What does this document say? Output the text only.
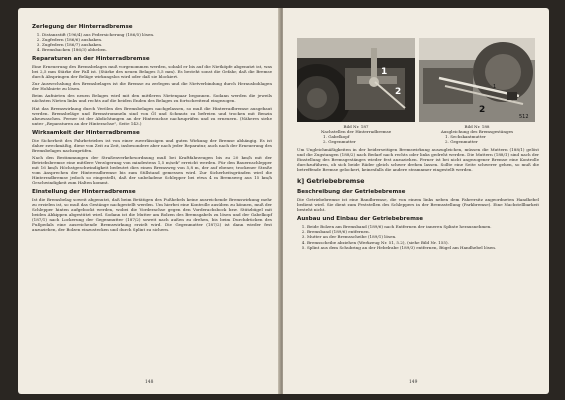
Zerlegung der Hinterradbremse
1. Distanzstift (196/4) aus Federsicherung (186/5) lösen.
2. Zugfedern (186/6) aushaken.
3. Zugfedern (186/7) aushaken.
4. Bremsbacken (186/3) abheben.
Reparaturen an der Hinterradbremse

Eine Erneuerung des Bremsbelages muß vorgenommen werden, sobald er bis auf die Nietköpfe abgenutzt ist, was bei 2,5 mm Stärke der Fall ist. (Stärke des neuen Belages 5,5 mm). Es besteht sonst die Gefahr, daß die Bremse durch Abspringen der Beläge wirkungslos wird oder daß sie blockiert.

Zur Auswechslung des Bremsbelages ist die Bremse zu zerlegen und die Nietverbindung durch Herausbohlagen der Hohlniete zu lösen.

Beim Aufnieten des neuen Belages wird mit den mittleren Nietenpaar begonnen. Sodann werden die jeweils nächsten Nieten links und rechts auf die beiden Enden des Belages zu fortschreitend eingezogen.

Hat das Bremswirkung durch Verölen des Bremsbelages nachgelassen, so muß die Hinterradbremse ausgebaut werden. Bremsbeläge und Bremstrommeln sind von Öl und Schmutz zu befreien und trocken mit Benzin abzuwaschen. Ferner ist der Abdichtungen an der Hinterachse nachzuprüfen und zu erneuern. (Näheres siehe unter „Reparaturen an der Hinterachse", Seite 143.)

Wirksamkeit der Hinterradbremse

Die Sicherheit des Fahrbetriebes ist von einer zuverlässigen und guten Wirkung der Bremse abhängig. Es ist daher zweckmäßig, diese von Zeit zu Zeit, insbesondere aber nach jeder Reparatur, auch nach der Erneuerung des Bremsbelages nachzuprüfen.

Nach den Bestimmungen der Straßenverkehrsordnung muß bei Kraftfahrzeugen bis zu 20 km/h mit der Betriebsbremse eine mittlere Verzögerung von mindestens 1,5 m/sek² erreicht werden. Für den Bauernschlepper mit 16 km/h Höchstgeschwindigkeit bedeutet dies einen Bremsweg von 5,8 m, der auf ebener, trockener Straße vom Ansprechen der Hinterradbremse bis zum Stillstand gemessen wird. Zur Sicherheitsgründen wird die Hinterradbremse jedoch so eingestellt, daß der unbeladene Schlepper bei etwa 4 m Bremsweg aus 15 km/h Geschwindigkeit zum Halten kommt.

Einstellung der Hinterradbremse

Ist die Bremsbelag soweit abgenutzt, daß beim Betätigen des Fußhebels keine ausreichende Bremswirkung mehr zu erzielen ist, so muß das Gestänge nachgestellt werden. Um hierbei eine Kontrolle ausüben zu können, muß der Schlepper hinten aufgebockt werden, wobei die Vorderachse gegen den Vorderachsbock bzw. Stützbügel mit beiden Abkippen abgestützt wird. Sodann ist die Mutter am Bolzen des Bremsgabels zu lösen und der Gabelkopf (187/1) nach Lockerung der Gegenmutter (187/2) soweit nach außen zu drehen, bis beim Durchdrücken des Fußpedals eine ausreichende Bremswirkung erzielt wird. Die Gegenmutter (187/2) ist dann wieder fest anzuziehen, der Bolzen einzustecken und durch Splint zu sichern.

148
1
2	1
2
512
Bild Nr. 187
Nachstellen der Hinterradbremse
1. Gabelkopf
2. Gegenmutter
Bild Nr. 188
Ausgleichung des Bremsgestänges
1. Sechskantmutter
2. Gegenmutter

Um Ungleichmäßigkeiten in der beiderseitigen Bremswirkung auszugleichen, müssen die Muttern (188/1) gelöst und die Zugstangen (188/2) nach Bedarf nach rechts oder links gedreht werden. Die Muttern (188/1) sind nach der Einstellung des Bremsgestänges wieder fest anzuziehen. Ferner ist bei nicht angezogener Bremse eine Kontrolle durchzuführen, ob sich beide Räder gleich schwer drehen lassen. Sollte eine Seite schwerer gehen, so muß die betreffende Bremse gelockert, keinesfalls die andere stramnmer eingestellt werden.

k] Getriebebremse
Beschreibung der Getriebebremse

Die Getriebebremse ist eine Bandbremse, die von einem links neben dem Fahrersitz angeordneten Handhebel bedient wird. Sie dient zum Feststellen des Schleppers in der Bremsstellung (Parkbremse). Eine Nachstellbarkeit besteht nicht.

Ausbau und Einbau der Getriebebremse
1. Beide Bolzen am Bremsband (189/6) nach Entfernen der inneren Splinte herausnehmen.
2. Bremsband (189/6) entfernen.
3. Mutter an der Bremsscheibe (189/1) lösen.
4. Bremsscheibe abziehen (Werkzeug Nr. 51, 5.2), (siehe Bild Nr. 155).
5. Splint aus dem Schubring an der Hebelrabe (189/3) entfernen, Bügel am Handhebel lösen.
149
